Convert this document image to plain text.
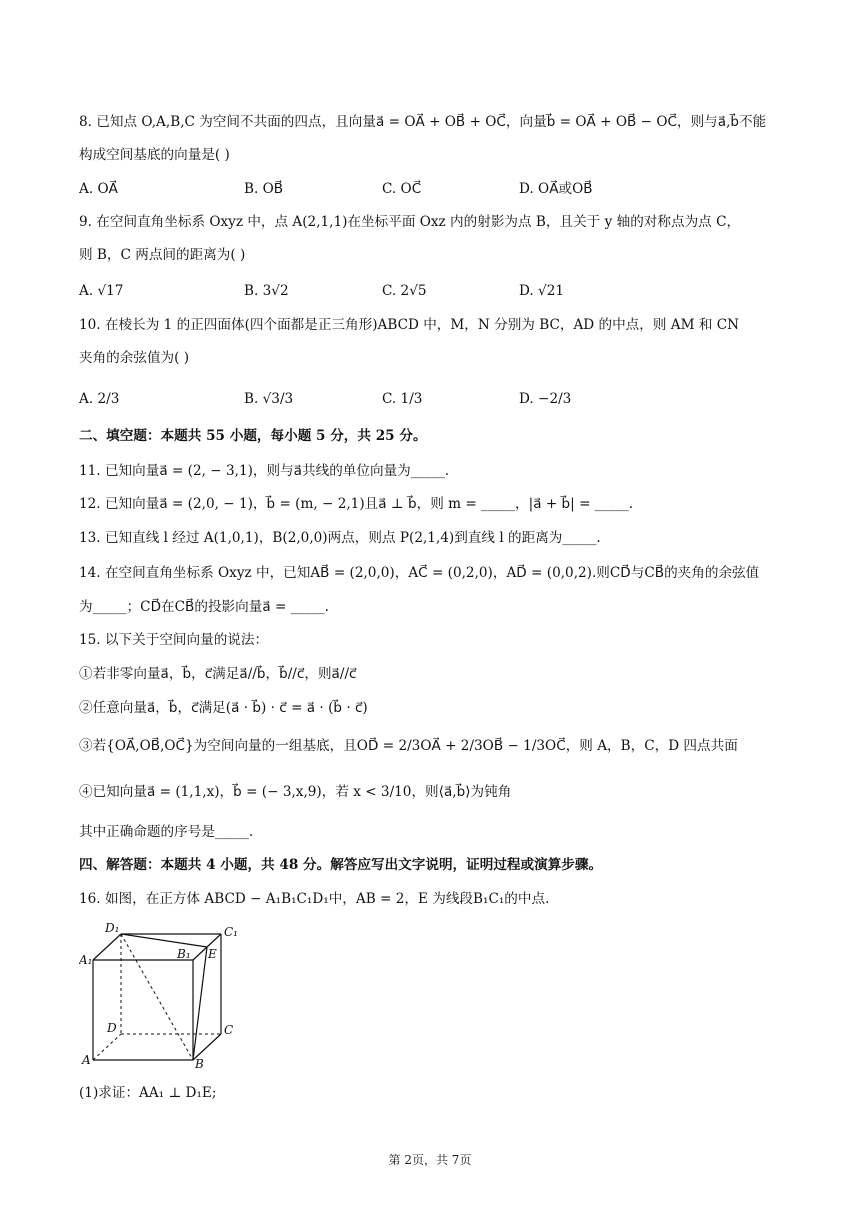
8. 已知点 O,A,B,C 为空间不共面的四点，且向量a⃗ = OA⃗ + OB⃗ + OC⃗，向量b⃗ = OA⃗ + OB⃗ − OC⃗，则与a⃗,b⃗不能
构成空间基底的向量是( )
A. OA⃗	B. OB⃗	C. OC⃗	D. OA⃗或OB⃗
9. 在空间直角坐标系 Oxyz 中，点 A(2,1,1)在坐标平面 Oxz 内的射影为点 B，且关于 y 轴的对称点为点 C，
则 B，C 两点间的距离为( )
A. √17	B. 3√2	C. 2√5	D. √21
10. 在棱长为 1 的正四面体(四个面都是正三角形)ABCD 中，M，N 分别为 BC，AD 的中点，则 AM 和 CN
夹角的余弦值为( )
A. 2/3	B. √3/3	C. 1/3	D. −2/3
二、填空题：本题共 55 小题，每小题 5 分，共 25 分。
11. 已知向量a⃗ = (2, − 3,1)，则与a⃗共线的单位向量为_____.
12. 已知向量a⃗ = (2,0, − 1)，b⃗ = (m, − 2,1)且a⃗ ⊥ b⃗，则 m = _____，|a⃗ + b⃗| = _____.
13. 已知直线 l 经过 A(1,0,1)，B(2,0,0)两点，则点 P(2,1,4)到直线 l 的距离为_____.
14. 在空间直角坐标系 Oxyz 中，已知AB⃗ = (2,0,0)，AC⃗ = (0,2,0)，AD⃗ = (0,0,2).则CD⃗与CB⃗的夹角的余弦值
为_____；CD⃗在CB⃗的投影向量a⃗ = _____.
15. 以下关于空间向量的说法：
①若非零向量a⃗，b⃗，c⃗满足a⃗//b⃗，b⃗//c⃗，则a⃗//c⃗
②任意向量a⃗，b⃗，c⃗满足(a⃗ · b⃗) · c⃗ = a⃗ · (b⃗ · c⃗)
③若{OA⃗,OB⃗,OC⃗}为空间向量的一组基底，且OD⃗ = 2/3OA⃗ + 2/3OB⃗ − 1/3OC⃗，则 A，B，C，D 四点共面
④已知向量a⃗ = (1,1,x)，b⃗ = (− 3,x,9)，若 x < 3/10，则⟨a⃗,b⃗⟩为钝角
其中正确命题的序号是_____.
四、解答题：本题共 4 小题，共 48 分。解答应写出文字说明，证明过程或演算步骤。
16. 如图，在正方体 ABCD − A₁B₁C₁D₁中，AB = 2，E 为线段B₁C₁的中点.
D₁	C₁
A₁	B₁ E
D	C
A	B
(1)求证：AA₁ ⊥ D₁E;
第 2页，共 7页
